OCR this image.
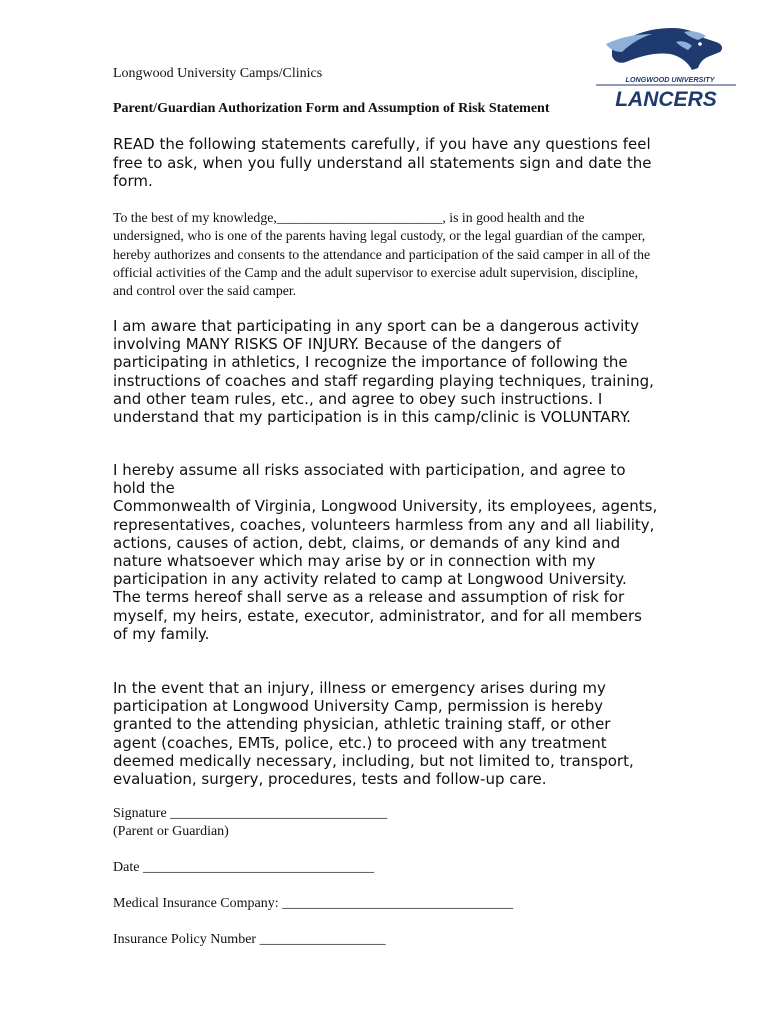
LONGWOOD UNIVERSITY
LANCERS
Longwood University Camps/Clinics
Parent/Guardian Authorization Form and Assumption of Risk Statement

READ the following statements carefully, if you have any questions feel free to ask, when you fully understand all statements sign and date the form.

To the best of my knowledge,________________________, is in good health and the undersigned, who is one of the parents having legal custody, or the legal guardian of the camper, hereby authorizes and consents to the attendance and participation of the said camper in all of the official activities of the Camp and the adult supervisor to exercise adult supervision, discipline, and control over the said camper.

I am aware that participating in any sport can be a dangerous activity involving MANY RISKS OF INJURY. Because of the dangers of participating in athletics, I recognize the importance of following the instructions of coaches and staff regarding playing techniques, training, and other team rules, etc., and agree to obey such instructions. I understand that my participation is in this camp/clinic is VOLUNTARY.

I hereby assume all risks associated with participation, and agree to hold the
Commonwealth of Virginia, Longwood University, its employees, agents,
representatives, coaches, volunteers harmless from any and all liability, actions, causes of action, debt, claims, or demands of any kind and nature whatsoever which may arise by or in connection with my participation in any activity related to camp at Longwood University. The terms hereof shall serve as a release and assumption of risk for myself, my heirs, estate, executor, administrator, and for all members of my family.

In the event that an injury, illness or emergency arises during my participation at Longwood University Camp, permission is hereby granted to the attending physician, athletic training staff, or other agent (coaches, EMTs, police, etc.) to proceed with any treatment deemed medically necessary, including, but not limited to, transport, evaluation, surgery, procedures, tests and follow-up care.

Signature _______________________________
(Parent or Guardian)
Date _________________________________
Medical Insurance Company: _________________________________
Insurance Policy Number __________________
